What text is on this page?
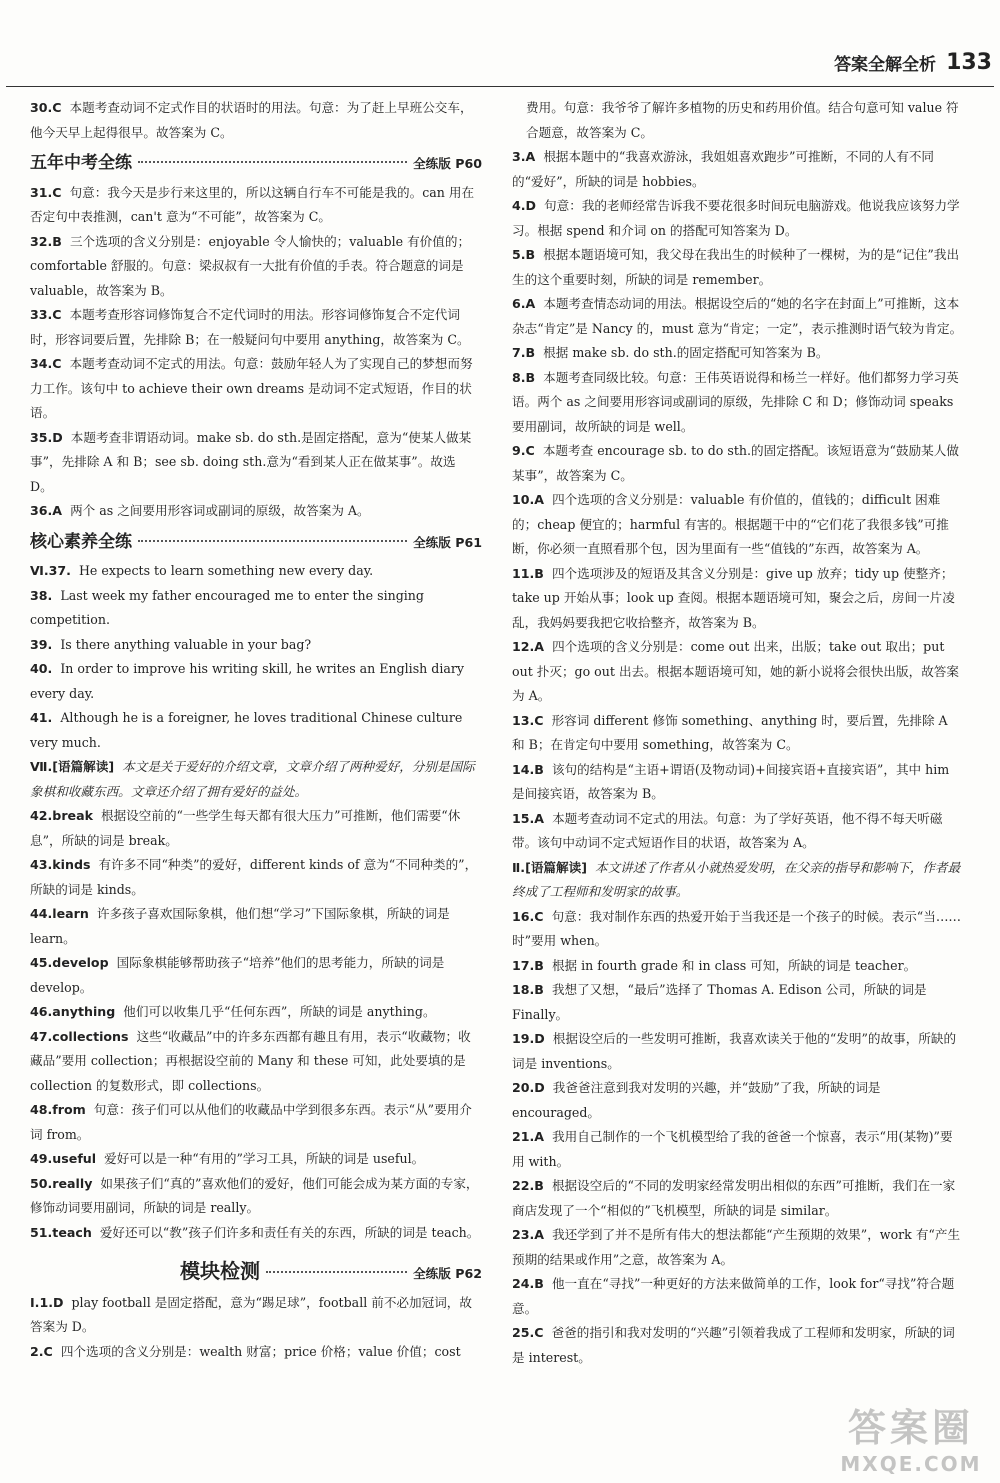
答案全解全析 133

30.C 本题考查动词不定式作目的状语时的用法。句意：为了赶上早班公交车，他今天早上起得很早。故答案为 C。

五年中考全练	全练版 P60

31.C 句意：我今天是步行来这里的，所以这辆自行车不可能是我的。can 用在否定句中表推测，can't 意为“不可能”，故答案为 C。

32.B 三个选项的含义分别是：enjoyable 令人愉快的；valuable 有价值的；comfortable 舒服的。句意：梁叔叔有一大批有价值的手表。符合题意的词是 valuable，故答案为 B。

33.C 本题考查形容词修饰复合不定代词时的用法。形容词修饰复合不定代词时，形容词要后置，先排除 B；在一般疑问句中要用 anything，故答案为 C。

34.C 本题考查动词不定式的用法。句意：鼓励年轻人为了实现自己的梦想而努力工作。该句中 to achieve their own dreams 是动词不定式短语，作目的状语。

35.D 本题考查非谓语动词。make sb. do sth.是固定搭配，意为“使某人做某事”，先排除 A 和 B；see sb. doing sth.意为“看到某人正在做某事”。故选 D。

36.A 两个 as 之间要用形容词或副词的原级，故答案为 A。

核心素养全练	全练版 P61

Ⅵ.37. He expects to learn something new every day.

38. Last week my father encouraged me to enter the singing competition.

39. Is there anything valuable in your bag?

40. In order to improve his writing skill, he writes an English diary every day.

41. Although he is a foreigner, he loves traditional Chinese culture very much.

Ⅶ.[语篇解读] 本文是关于爱好的介绍文章，文章介绍了两种爱好，分别是国际象棋和收藏东西。文章还介绍了拥有爱好的益处。

42.break 根据设空前的“一些学生每天都有很大压力”可推断，他们需要“休息”，所缺的词是 break。

43.kinds 有许多不同“种类”的爱好，different kinds of 意为“不同种类的”，所缺的词是 kinds。

44.learn 许多孩子喜欢国际象棋，他们想“学习”下国际象棋，所缺的词是 learn。

45.develop 国际象棋能够帮助孩子“培养”他们的思考能力，所缺的词是 develop。

46.anything 他们可以收集几乎“任何东西”，所缺的词是 anything。

47.collections 这些“收藏品”中的许多东西都有趣且有用，表示“收藏物；收藏品”要用 collection；再根据设空前的 Many 和 these 可知，此处要填的是 collection 的复数形式，即 collections。

48.from 句意：孩子们可以从他们的收藏品中学到很多东西。表示“从”要用介词 from。

49.useful 爱好可以是一种“有用的”学习工具，所缺的词是 useful。

50.really 如果孩子们“真的”喜欢他们的爱好，他们可能会成为某方面的专家，修饰动词要用副词，所缺的词是 really。

51.teach 爱好还可以“教”孩子们许多和责任有关的东西，所缺的词是 teach。

模块检测	全练版 P62

Ⅰ.1.D play football 是固定搭配，意为“踢足球”，football 前不必加冠词，故答案为 D。

2.C 四个选项的含义分别是：wealth 财富；price 价格；value 价值；cost

费用。句意：我爷爷了解许多植物的历史和药用价值。结合句意可知 value 符合题意，故答案为 C。

3.A 根据本题中的“我喜欢游泳，我姐姐喜欢跑步”可推断，不同的人有不同的“爱好”，所缺的词是 hobbies。

4.D 句意：我的老师经常告诉我不要花很多时间玩电脑游戏。他说我应该努力学习。根据 spend 和介词 on 的搭配可知答案为 D。

5.B 根据本题语境可知，我父母在我出生的时候种了一棵树，为的是“记住”我出生的这个重要时刻，所缺的词是 remember。

6.A 本题考查情态动词的用法。根据设空后的“她的名字在封面上”可推断，这本杂志“肯定”是 Nancy 的，must 意为“肯定；一定”，表示推测时语气较为肯定。

7.B 根据 make sb. do sth.的固定搭配可知答案为 B。

8.B 本题考查同级比较。句意：王伟英语说得和杨兰一样好。他们都努力学习英语。两个 as 之间要用形容词或副词的原级，先排除 C 和 D；修饰动词 speaks 要用副词，故所缺的词是 well。

9.C 本题考查 encourage sb. to do sth.的固定搭配。该短语意为“鼓励某人做某事”，故答案为 C。

10.A 四个选项的含义分别是：valuable 有价值的，值钱的；difficult 困难的；cheap 便宜的；harmful 有害的。根据题干中的“它们花了我很多钱”可推断，你必须一直照看那个包，因为里面有一些“值钱的”东西，故答案为 A。

11.B 四个选项涉及的短语及其含义分别是：give up 放弃；tidy up 使整齐；take up 开始从事；look up 查阅。根据本题语境可知，聚会之后，房间一片凌乱，我妈妈要我把它收拾整齐，故答案为 B。

12.A 四个选项的含义分别是：come out 出来，出版；take out 取出；put out 扑灭；go out 出去。根据本题语境可知，她的新小说将会很快出版，故答案为 A。

13.C 形容词 different 修饰 something、anything 时，要后置，先排除 A 和 B；在肯定句中要用 something，故答案为 C。

14.B 该句的结构是“主语+谓语(及物动词)+间接宾语+直接宾语”，其中 him 是间接宾语，故答案为 B。

15.A 本题考查动词不定式的用法。句意：为了学好英语，他不得不每天听磁带。该句中动词不定式短语作目的状语，故答案为 A。

Ⅱ.[语篇解读] 本文讲述了作者从小就热爱发明，在父亲的指导和影响下，作者最终成了工程师和发明家的故事。

16.C 句意：我对制作东西的热爱开始于当我还是一个孩子的时候。表示“当……时”要用 when。

17.B 根据 in fourth grade 和 in class 可知，所缺的词是 teacher。

18.B 我想了又想，“最后”选择了 Thomas A. Edison 公司，所缺的词是 Finally。

19.D 根据设空后的一些发明可推断，我喜欢读关于他的“发明”的故事，所缺的词是 inventions。

20.D 我爸爸注意到我对发明的兴趣，并“鼓励”了我，所缺的词是encouraged。

21.A 我用自己制作的一个飞机模型给了我的爸爸一个惊喜，表示“用(某物)”要用 with。

22.B 根据设空后的“不同的发明家经常发明出相似的东西”可推断，我们在一家商店发现了一个“相似的”飞机模型，所缺的词是 similar。

23.A 我还学到了并不是所有伟大的想法都能“产生预期的效果”，work 有“产生预期的结果或作用”之意，故答案为 A。

24.B 他一直在“寻找”一种更好的方法来做简单的工作，look for“寻找”符合题意。

25.C 爸爸的指引和我对发明的“兴趣”引领着我成了工程师和发明家，所缺的词是 interest。

答案圈
MXQE.COM
